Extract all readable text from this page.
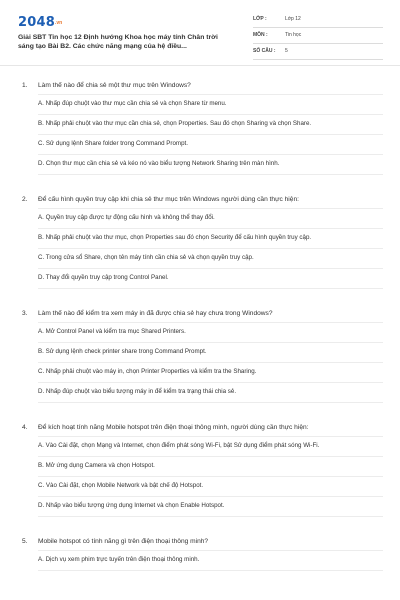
2048 .vn
Giải SBT Tin học 12 Định hướng Khoa học máy tính Chân trời sáng tạo Bài B2. Các chức năng mạng của hệ điều...
LỚP :	Lớp 12
MÔN :	Tin học
SỐ CÂU : 5
1. Làm thế nào để chia sẻ một thư mục trên Windows?
A. Nhấp đúp chuột vào thư mục cần chia sẻ và chọn Share từ menu.
B. Nhấp phải chuột vào thư mục cần chia sẻ, chọn Properties. Sau đó chọn Sharing và chọn Share.
C. Sử dụng lệnh Share folder trong Command Prompt.
D. Chọn thư mục cần chia sẻ và kéo nó vào biểu tượng Network Sharing trên màn hình.
2. Để cấu hình quyền truy cập khi chia sẻ thư mục trên Windows người dùng cần thực hiện:
A. Quyền truy cập được tự động cấu hình và không thể thay đổi.
B. Nhấp phải chuột vào thư mục, chọn Properties sau đó chọn Security để cấu hình quyền truy cập.
C. Trong cửa sổ Share, chọn tên máy tính cần chia sẻ và chọn quyền truy cập.
D. Thay đổi quyền truy cập trong Control Panel.
3. Làm thế nào để kiểm tra xem máy in đã được chia sẻ hay chưa trong Windows?
A. Mở Control Panel và kiểm tra mục Shared Printers.
B. Sử dụng lệnh check printer share trong Command Prompt.
C. Nhấp phải chuột vào máy in, chọn Printer Properties và kiểm tra the Sharing.
D. Nhấp đúp chuột vào biểu tượng máy in để kiểm tra trạng thái chia sẻ.
4. Để kích hoạt tính năng Mobile hotspot trên điện thoại thông minh, người dùng cần thực hiện:
A. Vào Cài đặt, chọn Mạng và Internet, chọn điểm phát sóng Wi-Fi, bật Sử dụng điểm phát sóng Wi-Fi.
B. Mở ứng dụng Camera và chọn Hotspot.
C. Vào Cài đặt, chọn Mobile Network và bật chế độ Hotspot.
D. Nhấp vào biểu tượng ứng dụng Internet và chọn Enable Hotspot.
5. Mobile hotspot có tính năng gì trên điện thoại thông minh?
A. Dịch vụ xem phim trực tuyến trên điện thoại thông minh.
